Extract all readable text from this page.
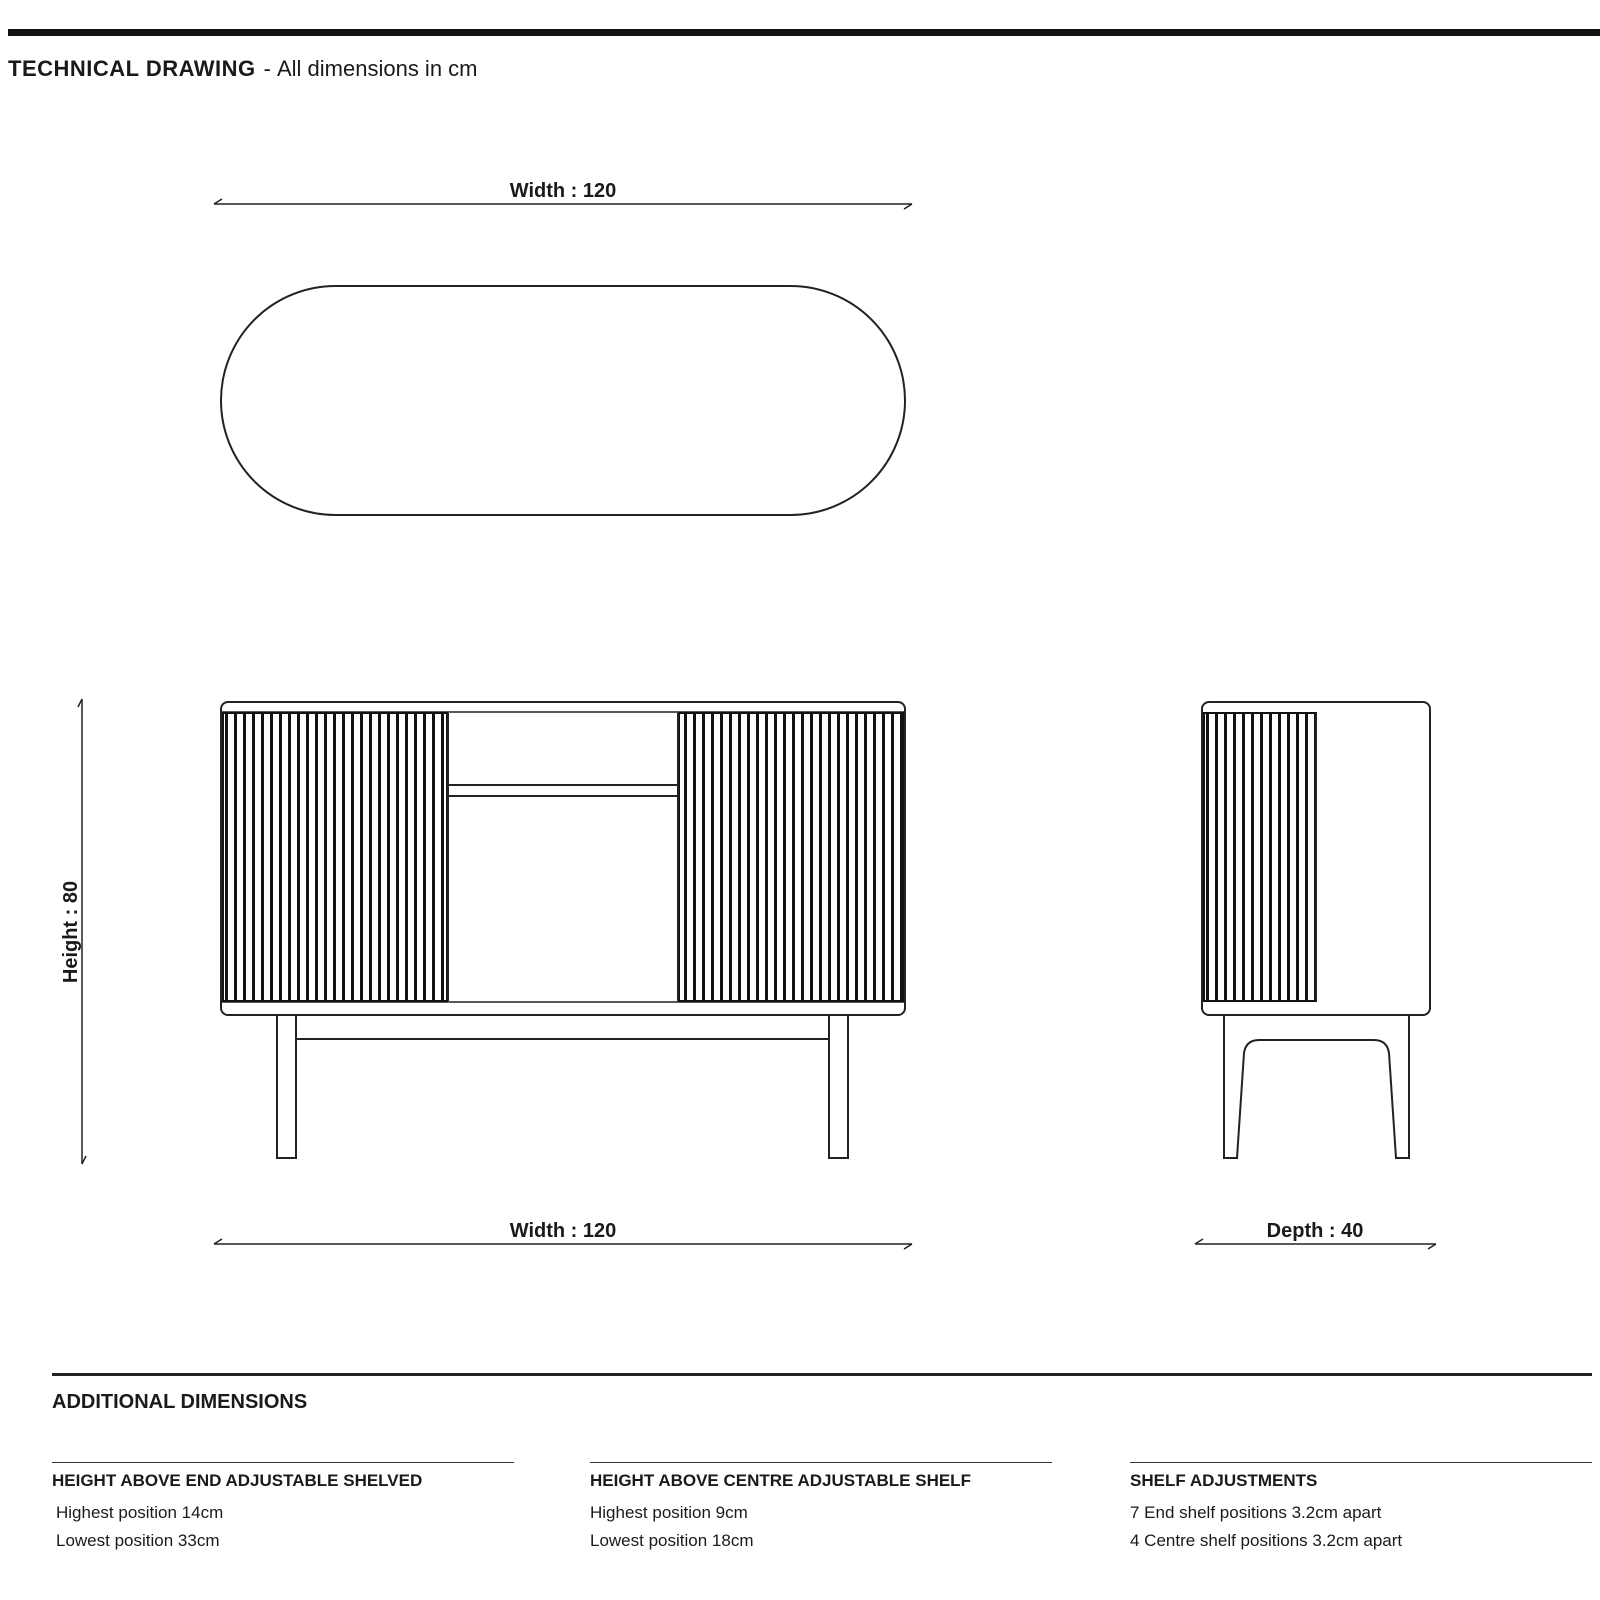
TECHNICAL DRAWING - All dimensions in cm
Width : 120
Height : 80
Width : 120	Depth : 40
ADDITIONAL DIMENSIONS
HEIGHT ABOVE END ADJUSTABLE SHELVED
Highest position 14cm
Lowest position 33cm
HEIGHT ABOVE CENTRE ADJUSTABLE SHELF
Highest position 9cm
Lowest position 18cm
SHELF ADJUSTMENTS
7 End shelf positions 3.2cm apart
4 Centre shelf positions 3.2cm apart
